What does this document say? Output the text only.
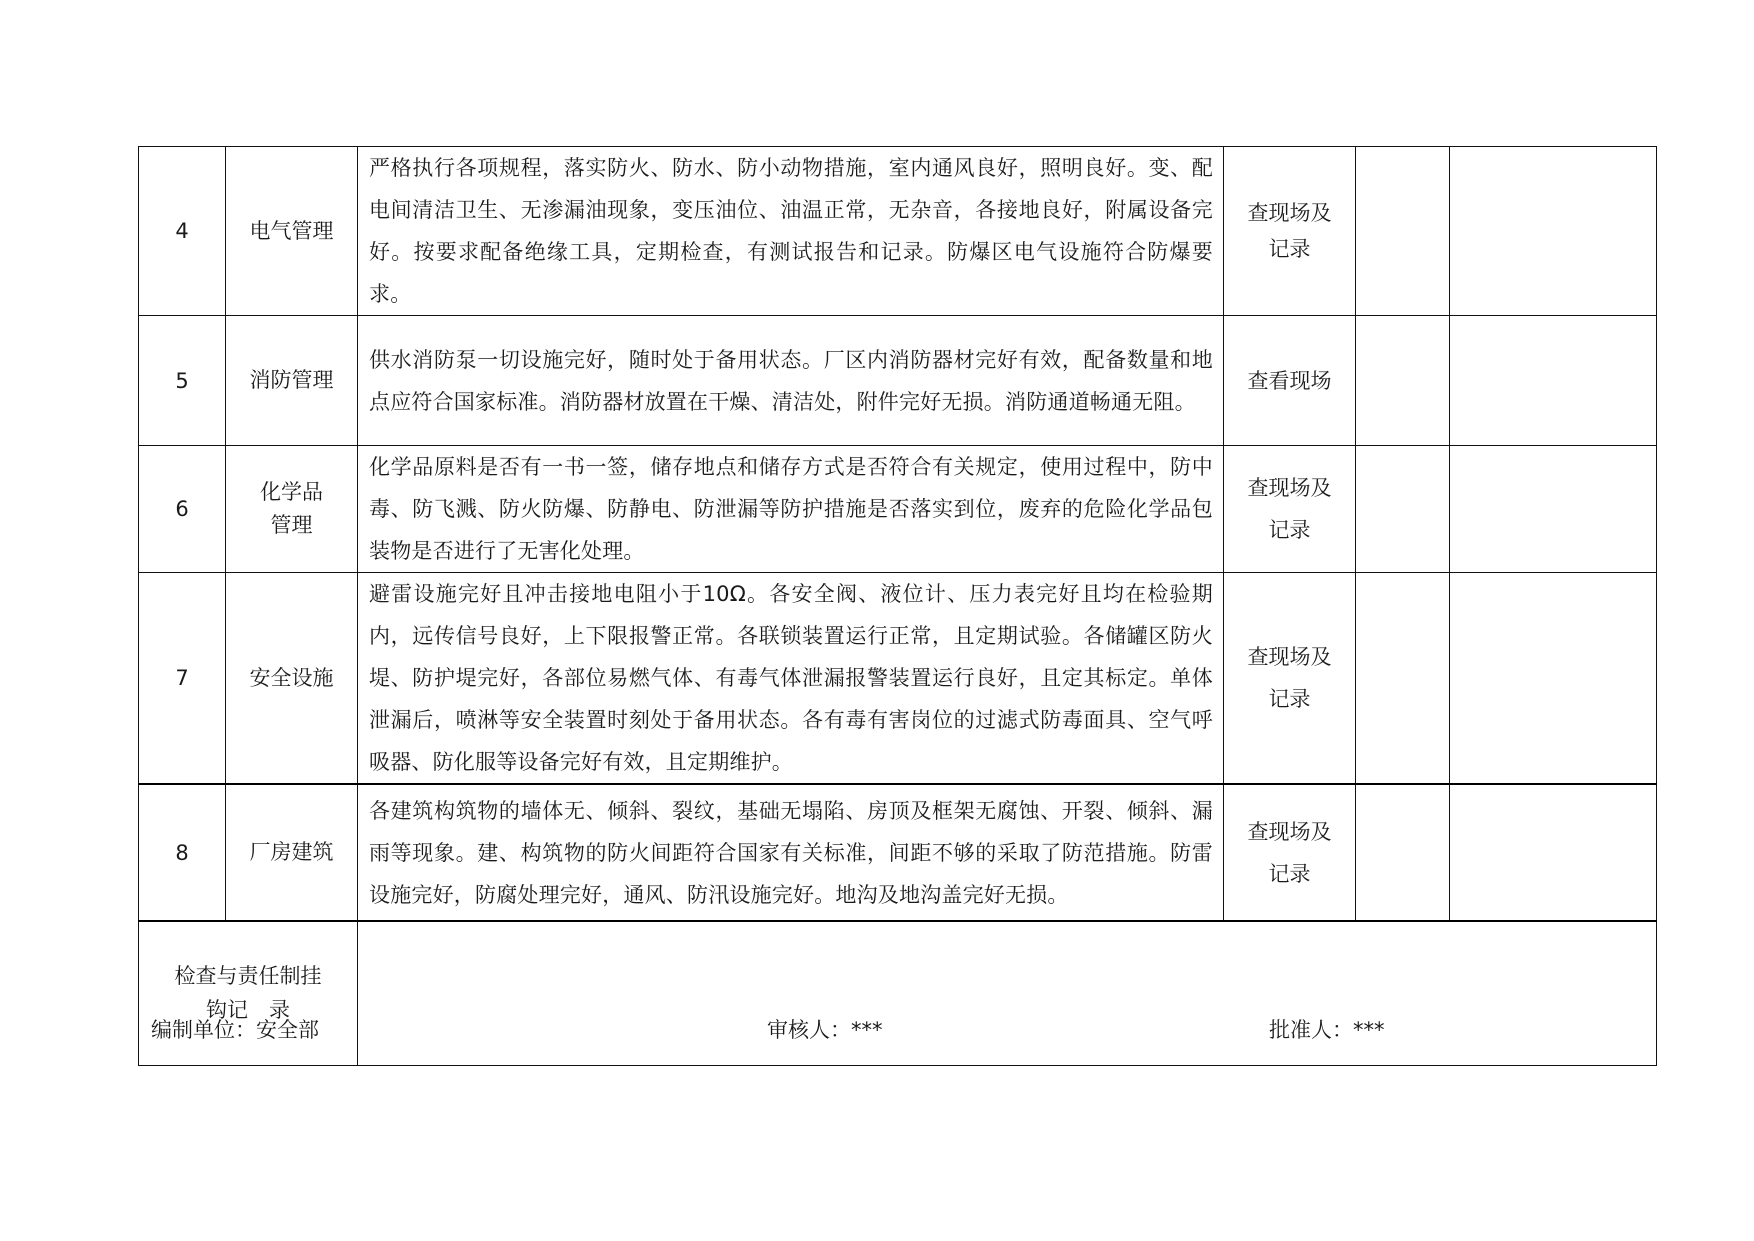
4	电气管理	严格执行各项规程，落实防火、防水、防小动物措施，室内通风良好，照明良好。变、配电间清洁卫生、无渗漏油现象，变压油位、油温正常，无杂音，各接地良好，附属设备完好。按要求配备绝缘工具，定期检查，有测试报告和记录。防爆区电气设施符合防爆要求。	查现场及记录		
5	消防管理	供水消防泵一切设施完好，随时处于备用状态。厂区内消防器材完好有效，配备数量和地点应符合国家标准。消防器材放置在干燥、清洁处，附件完好无损。消防通道畅通无阻。	查看现场		
6	化学品管理	化学品原料是否有一书一签，储存地点和储存方式是否符合有关规定，使用过程中，防中毒、防飞溅、防火防爆、防静电、防泄漏等防护措施是否落实到位，废弃的危险化学品包装物是否进行了无害化处理。	查现场及记录		
7	安全设施	避雷设施完好且冲击接地电阻小于10Ω。各安全阀、液位计、压力表完好且均在检验期内，远传信号良好，上下限报警正常。各联锁装置运行正常，且定期试验。各储罐区防火堤、防护堤完好，各部位易燃气体、有毒气体泄漏报警装置运行良好，且定其标定。单体泄漏后，喷淋等安全装置时刻处于备用状态。各有毒有害岗位的过滤式防毒面具、空气呼吸器、防化服等设备完好有效，且定期维护。	查现场及记录		
8	厂房建筑	各建筑构筑物的墙体无、倾斜、裂纹，基础无塌陷、房顶及框架无腐蚀、开裂、倾斜、漏雨等现象。建、构筑物的防火间距符合国家有关标准，间距不够的采取了防范措施。防雷设施完好，防腐处理完好，通风、防汛设施完好。地沟及地沟盖完好无损。	查现场及记录		
检查与责任制挂钩记　录					
编制单位：安全部	审核人：***	批准人：***
